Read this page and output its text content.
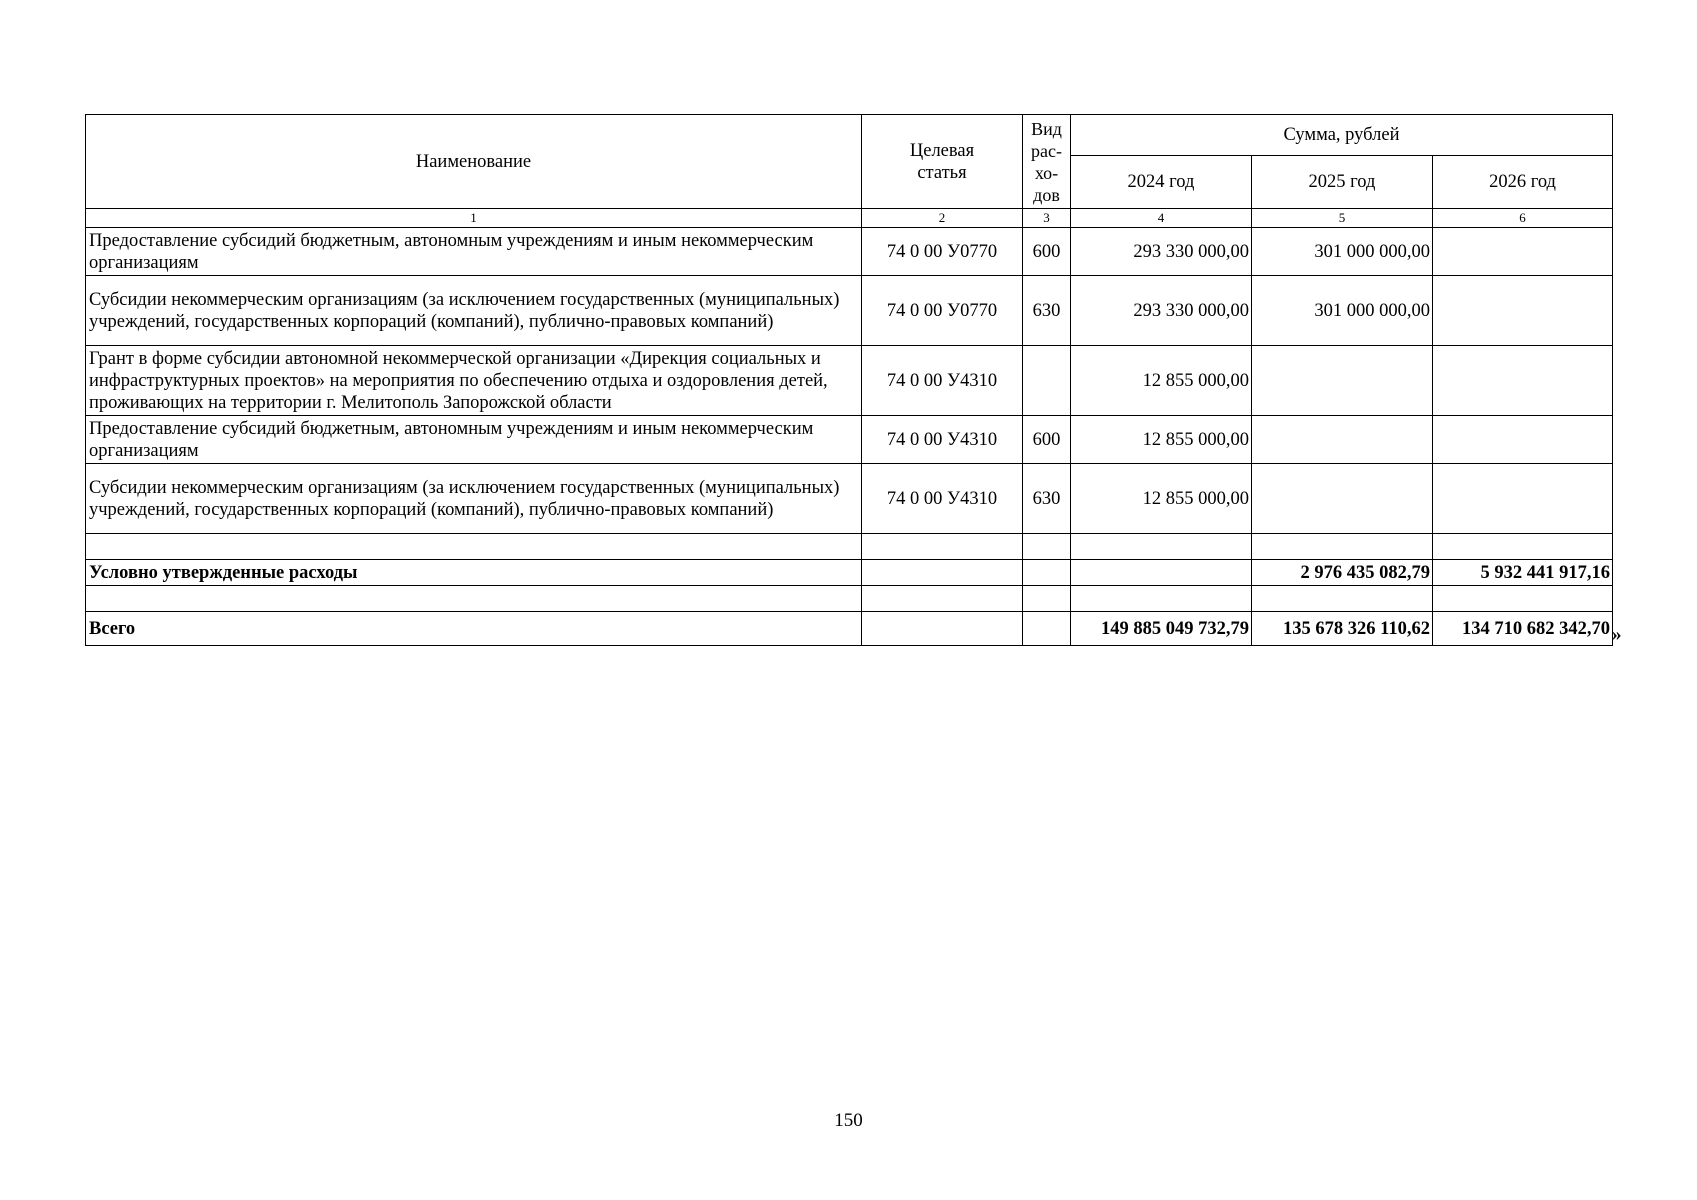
Наименование	Целевая статья	Вид
рас-
хо-
дов	Сумма, рублей		
			2024 год	2025 год	2026 год
1	2	3	4	5	6
Предоставление субсидий бюджетным, автономным учреждениям и иным некоммерческим организациям	74 0 00 У0770	600	293 330 000,00	301 000 000,00	
Субсидии некоммерческим организациям (за исключением государственных (муниципальных) учреждений, государственных корпораций (компаний), публично-правовых компаний)	74 0 00 У0770	630	293 330 000,00	301 000 000,00	
Грант в форме субсидии автономной некоммерческой организации «Дирекция социальных и инфраструктурных проектов» на мероприятия по обеспечению отдыха и оздоровления детей, проживающих на территории г. Мелитополь Запорожской области	74 0 00 У4310		12 855 000,00		
Предоставление субсидий бюджетным, автономным учреждениям и иным некоммерческим организациям	74 0 00 У4310	600	12 855 000,00		
Субсидии некоммерческим организациям (за исключением государственных (муниципальных) учреждений, государственных корпораций (компаний), публично-правовых компаний)	74 0 00 У4310	630	12 855 000,00		

Условно утвержденные расходы				2 976 435 082,79	5 932 441 917,16

Всего			149 885 049 732,79	135 678 326 110,62	134 710 682 342,70 »
150
